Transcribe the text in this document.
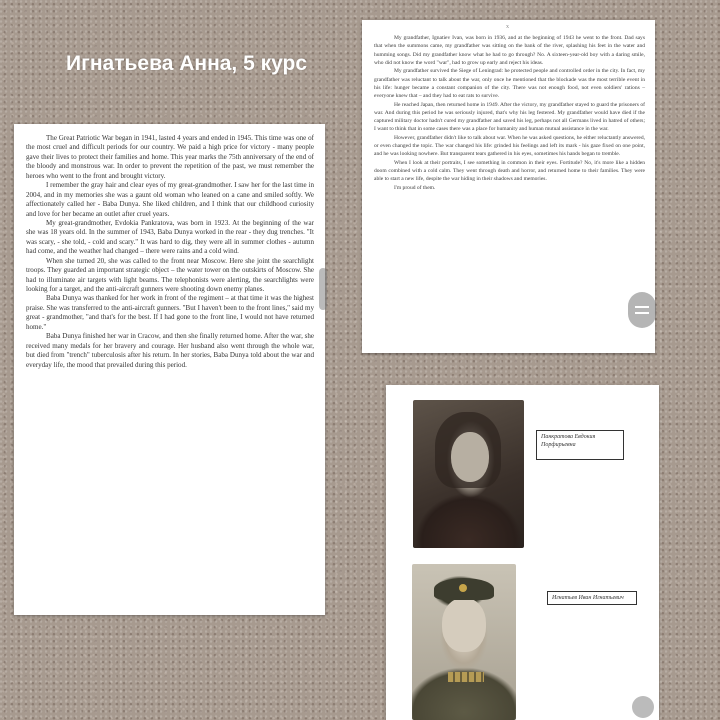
Игнатьева Анна, 5 курс

The Great Patriotic War began in 1941, lasted 4 years and ended in 1945. This time was one of the most cruel and difficult periods for our country. We paid a high price for victory - many people gave their lives to protect their families and home. This year marks the 75th anniversary of the end of the bloody and monstrous war. In order to prevent the repetition of the past, we must remember the heroes who went to the front and brought victory.

I remember the gray hair and clear eyes of my great-grandmother. I saw her for the last time in 2004, and in my memories she was a gaunt old woman who leaned on a cane and smiled softly. We affectionately called her - Baba Dunya. She liked children, and I think that our childhood curiosity and love for her became an outlet after cruel years.

My great-grandmother, Evdokia Pankratova, was born in 1923. At the beginning of the war she was 18 years old. In the summer of 1943, Baba Dunya worked in the rear - they dug trenches. "It was scary, - she told, - cold and scary." It was hard to dig, they were all in summer clothes - autumn had come, and the weather had changed – there were rains and a cold wind.

When she turned 20, she was called to the front near Moscow. Here she joint the searchlight troops. They guarded an important strategic object – the water tower on the outskirts of Moscow. She had to illuminate air targets with light beams. The telephonists were alerting, the searchlights were looking for a target, and the anti-aircraft gunners were shooting down enemy planes.

Baba Dunya was thanked for her work in front of the regiment – at that time it was the highest praise. She was transferred to the anti-aircraft gunners. "But I haven't been to the front lines," said my great - grandmother, "and that's for the best. If I had gone to the front line, I would not have returned home."

Baba Dunya finished her war in Cracow, and then she finally returned home. After the war, she received many medals for her bravery and courage. Her husband also went through the whole war, but died from "trench" tuberculosis after his return. In her stories, Baba Dunya told about the war and everyday life, the mood that prevailed during this period.

x

My grandfather, Ignatiev Ivan, was born in 1936, and at the beginning of 1943 he went to the front. Dad says that when the summons came, my grandfather was sitting on the bank of the river, splashing his feet in the water and humming songs. Did my grandfather know what he had to go through? No. A sixteen-year-old boy with a daring smile, who did not know the word "war", had to grow up early and reject his ideas.

My grandfather survived the Siege of Leningrad: he protected people and controlled order in the city. In fact, my grandfather was reluctant to talk about the war, only once he mentioned that the blockade was the most terrible event in his life: hunger became a constant companion of the city. There was not enough food, not even soldiers' rations – everyone knew that – and they had to eat rats to survive.

He reached Japan, then returned home in 1949. After the victory, my grandfather stayed to guard the prisoners of war. And during this period he was seriously injured, that's why his leg festered. My grandfather would have died if the captured military doctor hadn't cured my grandfather and saved his leg, perhaps not all Germans lived in hatred of others; I want to think that in some cases there was a place for humanity and human mutual assistance in the war.

However, grandfather didn't like to talk about war. When he was asked questions, he either reluctantly answered, or even changed the topic. The war changed his life: grinded his feelings and left its mark - his gaze fixed on one point, and he was looking nowhere. But transparent tears gathered in his eyes, sometimes his hands began to tremble.

When I look at their portraits, I see something in common in their eyes. Fortitude? No, it's more like a hidden doom combined with a cold calm. They went through death and horror, and returned home to their families. They were able to start a new life, despite the war hiding in their shadows and memories.

I'm proud of them.

Панкратова Евдокия Порфирьевна
Игнатьев Иван Игнатьевич
